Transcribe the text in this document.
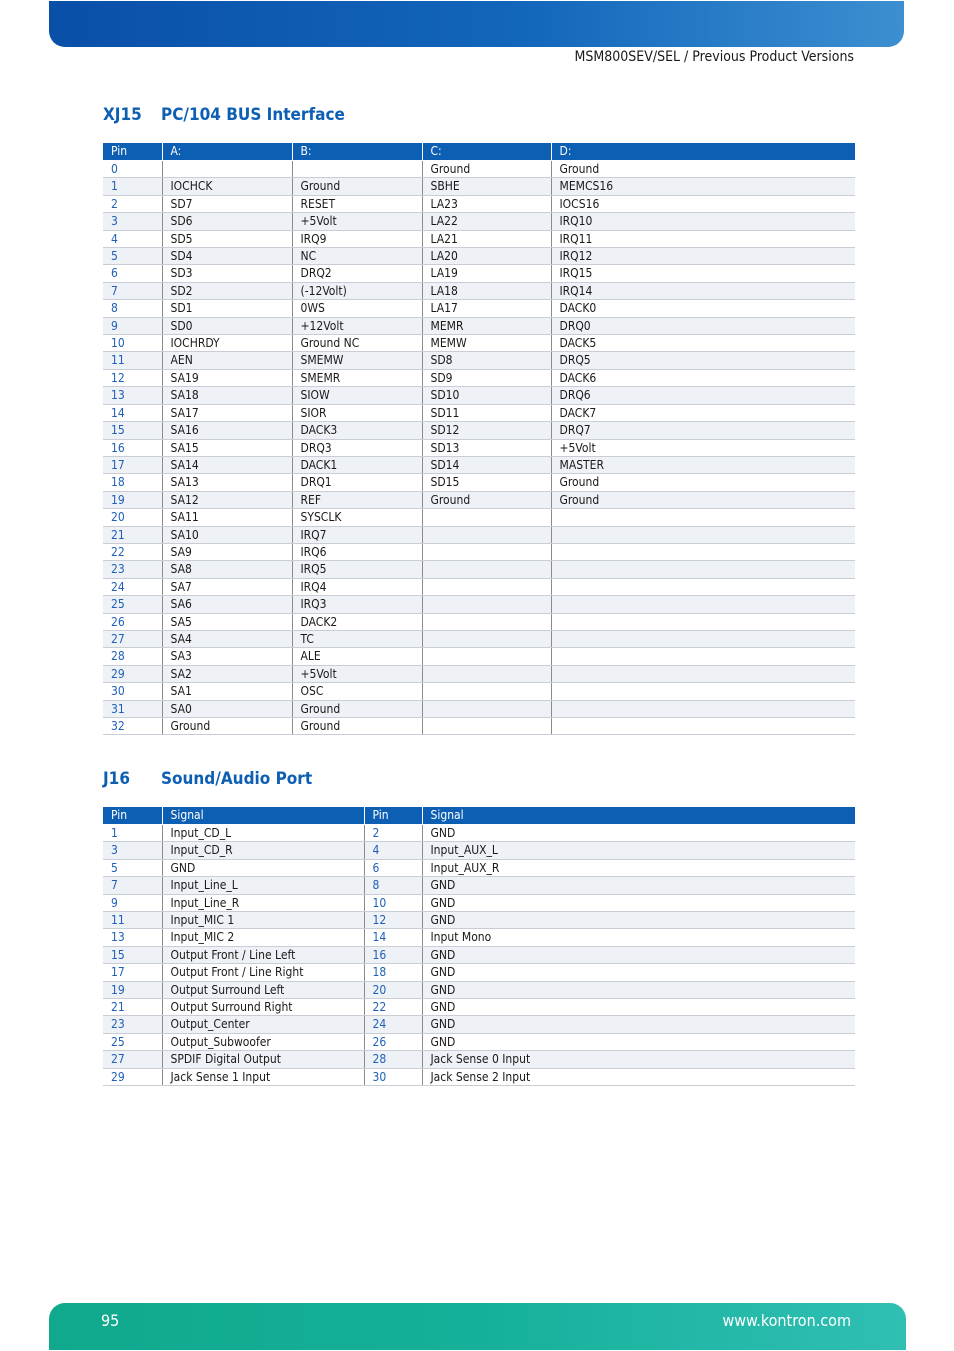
MSM800SEV/SEL / Previous Product Versions
XJ15 PC/104 BUS Interface
Pin	A:	B:	C:	D:
0			Ground	Ground
1	IOCHCK	Ground	SBHE	MEMCS16
2	SD7	RESET	LA23	IOCS16
3	SD6	+5Volt	LA22	IRQ10
4	SD5	IRQ9	LA21	IRQ11
5	SD4	NC	LA20	IRQ12
6	SD3	DRQ2	LA19	IRQ15
7	SD2	(-12Volt)	LA18	IRQ14
8	SD1	0WS	LA17	DACK0
9	SD0	+12Volt	MEMR	DRQ0
10	IOCHRDY	Ground NC	MEMW	DACK5
11	AEN	SMEMW	SD8	DRQ5
12	SA19	SMEMR	SD9	DACK6
13	SA18	SIOW	SD10	DRQ6
14	SA17	SIOR	SD11	DACK7
15	SA16	DACK3	SD12	DRQ7
16	SA15	DRQ3	SD13	+5Volt
17	SA14	DACK1	SD14	MASTER
18	SA13	DRQ1	SD15	Ground
19	SA12	REF	Ground	Ground
20	SA11	SYSCLK		
21	SA10	IRQ7		
22	SA9	IRQ6		
23	SA8	IRQ5		
24	SA7	IRQ4		
25	SA6	IRQ3		
26	SA5	DACK2		
27	SA4	TC		
28	SA3	ALE		
29	SA2	+5Volt		
30	SA1	OSC		
31	SA0	Ground		
32	Ground	Ground		
J16 Sound/Audio Port
Pin	Signal	Pin	Signal
1	Input_CD_L	2	GND
3	Input_CD_R	4	Input_AUX_L
5	GND	6	Input_AUX_R
7	Input_Line_L	8	GND
9	Input_Line_R	10	GND
11	Input_MIC 1	12	GND
13	Input_MIC 2	14	Input Mono
15	Output Front / Line Left	16	GND
17	Output Front / Line Right	18	GND
19	Output Surround Left	20	GND
21	Output Surround Right	22	GND
23	Output_Center	24	GND
25	Output_Subwoofer	26	GND
27	SPDIF Digital Output	28	Jack Sense 0 Input
29	Jack Sense 1 Input	30	Jack Sense 2 Input
95	www.kontron.com
